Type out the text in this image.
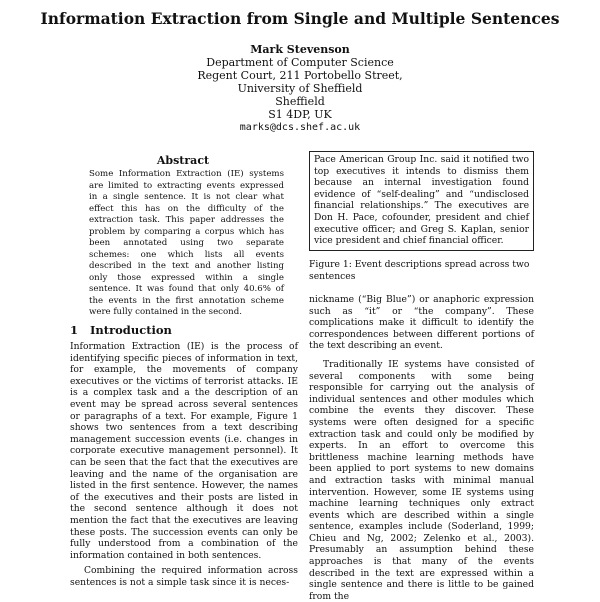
Information Extraction from Single and Multiple Sentences
Mark Stevenson
Department of Computer Science
Regent Court, 211 Portobello Street,
University of Sheffield
Sheffield
S1 4DP, UK
marks@dcs.shef.ac.uk
Abstract
Some Information Extraction (IE) systems are limited to extracting events expressed in a single sentence. It is not clear what effect this has on the difficulty of the extraction task. This paper addresses the problem by comparing a corpus which has been annotated using two separate schemes: one which lists all events described in the text and another listing only those expressed within a single sentence. It was found that only 40.6% of the events in the first annotation scheme were fully contained in the second.
1 Introduction

Information Extraction (IE) is the process of identifying specific pieces of information in text, for example, the movements of company executives or the victims of terrorist attacks. IE is a complex task and a the description of an event may be spread across several sentences or paragraphs of a text. For example, Figure 1 shows two sentences from a text describing management succession events (i.e. changes in corporate executive management personnel). It can be seen that the fact that the executives are leaving and the name of the organisation are listed in the first sentence. However, the names of the executives and their posts are listed in the second sentence although it does not mention the fact that the executives are leaving these posts. The succession events can only be fully understood from a combination of the information contained in both sentences.

Combining the required information across sentences is not a simple task since it is neces-

Pace American Group Inc. said it notified two top executives it intends to dismiss them because an internal investigation found evidence of “self-dealing” and “undisclosed financial relationships.” The executives are Don H. Pace, cofounder, president and chief executive officer; and Greg S. Kaplan, senior vice president and chief financial officer.
Figure 1: Event descriptions spread across two sentences

nickname (“Big Blue”) or anaphoric expression such as “it” or “the company”. These complications make it difficult to identify the correspondences between different portions of the text describing an event.

Traditionally IE systems have consisted of several components with some being responsible for carrying out the analysis of individual sentences and other modules which combine the events they discover. These systems were often designed for a specific extraction task and could only be modified by experts. In an effort to overcome this brittleness machine learning methods have been applied to port systems to new domains and extraction tasks with minimal manual intervention. However, some IE systems using machine learning techniques only extract events which are described within a single sentence, examples include (Soderland, 1999; Chieu and Ng, 2002; Zelenko et al., 2003). Presumably an assumption behind these approaches is that many of the events described in the text are expressed within a single sentence and there is little to be gained from the
